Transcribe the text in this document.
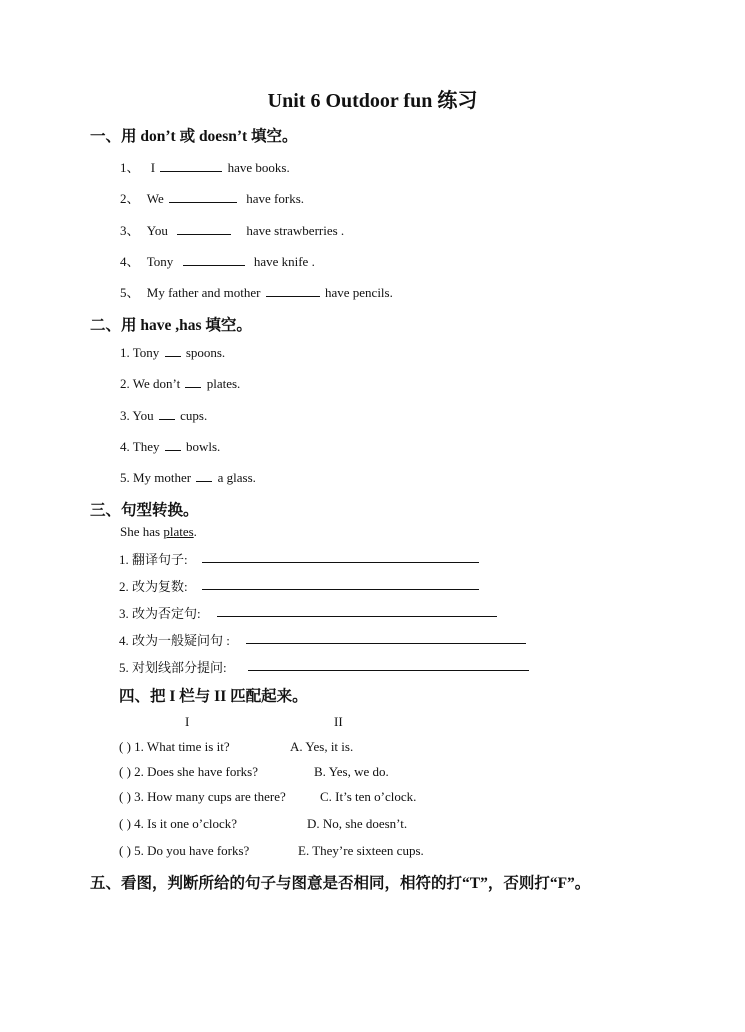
Unit 6 Outdoor fun 练习
一、用 don’t 或 doesn’t 填空。
1、 I	have books.
2、 We	have forks.
3、 You	have strawberries .
4、 Tony	have knife .
5、 My father and mother	have pencils.
二、用 have ,has 填空。
1. Tony spoons.
2. We don’t plates.
3. You cups.
4. They bowls.
5. My mother a glass.
三、句型转换。
She has plates.
1. 翻译句子:
2. 改为复数:
3. 改为否定句:
4. 改为一般疑问句 :
5. 对划线部分提问:
四、把 I 栏与 II 匹配起来。
I	II
( ) 1. What time is it?	A. Yes, it is.
( ) 2. Does she have forks?	B. Yes, we do.
( ) 3. How many cups are there?	C. It’s ten o’clock.
( ) 4. Is it one o’clock?	D. No, she doesn’t.
( ) 5. Do you have forks?	E. They’re sixteen cups.
五、看图，判断所给的句子与图意是否相同，相符的打“T”，否则打“F”。
